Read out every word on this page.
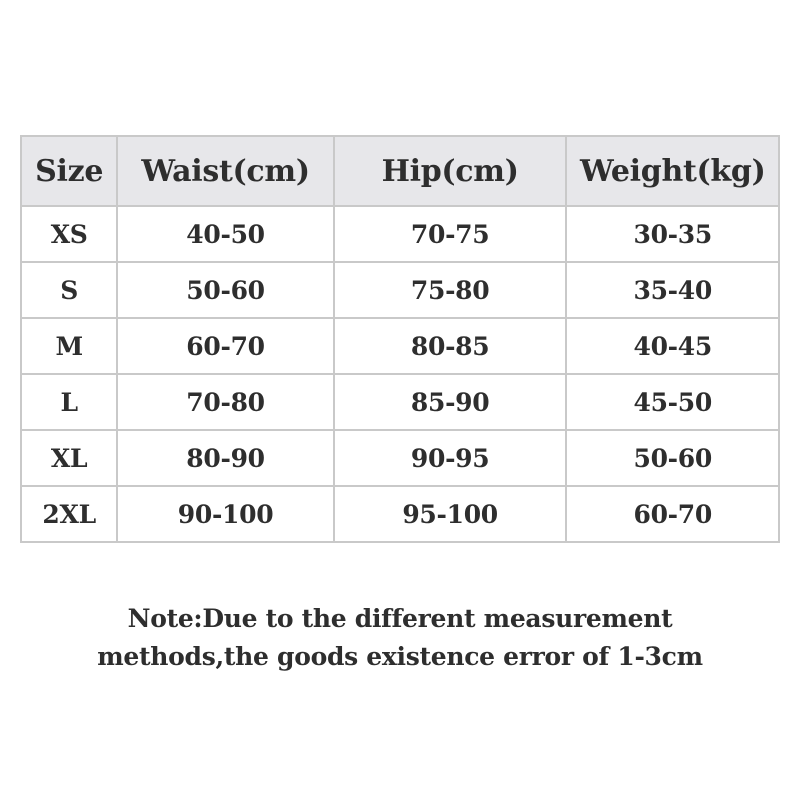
Size	Waist(cm)	Hip(cm)	Weight(kg)
XS	40-50	70-75	30-35
S	50-60	75-80	35-40
M	60-70	80-85	40-45
L	70-80	85-90	45-50
XL	80-90	90-95	50-60
2XL	90-100	95-100	60-70
Note:Due to the different measurement
methods,the goods existence error of 1-3cm
